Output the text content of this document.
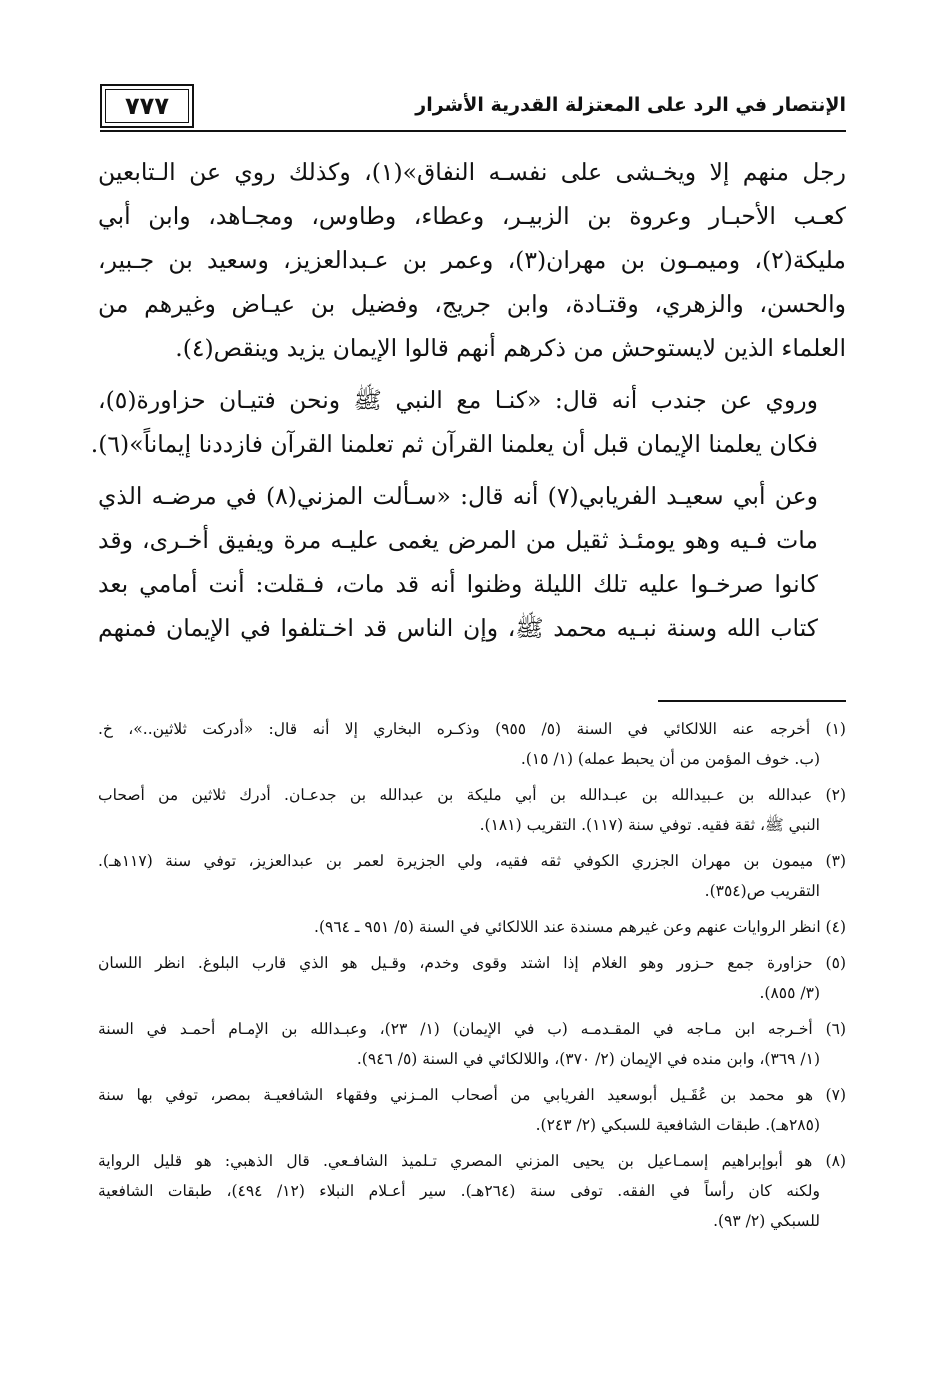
٧٧٧	الإنتصار في الرد على المعتزلة القدرية الأشرار

رجل منهم إلا ويخـشى على نفسـه النفاق»(١)، وكذلك روي عن الـتابعين
كعـب الأحبـار وعروة بن الزبيـر، وعطاء، وطاوس، ومجـاهد، وابن أبي
مليكة(٢)، وميمـون بن مهران(٣)، وعمر بن عـبدالعزيز، وسعيد بن جـبير،
والحسن، والزهري، وقتـادة، وابن جريج، وفضيل بن عيـاض وغيرهم من
العلماء الذين لايستوحش من ذكرهم أنهم قالوا الإيمان يزيد وينقص(٤).

وروي عن جندب أنه قال: «كنـا مع النبي ﷺ ونحن فتيـان حزاورة(٥)،
فكان يعلمنا الإيمان قبل أن يعلمنا القرآن ثم تعلمنا القرآن فازددنا إيماناً»(٦).

وعن أبي سعيـد الفريابي(٧) أنه قال: «سـألت المزني(٨) في مرضـه الذي
مات فـيه وهو يومئـذ ثقيل من المرض يغمى عليـه مرة ويفيق أخـرى، وقد
كانوا صرخـوا عليه تلك الليلة وظنوا أنه قد مات، فـقلت: أنت أمامي بعد
كتاب الله وسنة نبـيه محمد ﷺ، وإن الناس قد اخـتلفوا في الإيمان فمنهم

(١) أخرجه عنه اللالكائي في السنة (٥/ ٩٥٥) وذكـره البخاري إلا أنه قال: «أدركت ثلاثين..»، خ.
(ب. خوف المؤمن من أن يحبط عمله) (١/ ١٥).
(٢) عبدالله بن عـبيدالله بن عبـدالله بن أبي مليكة بن عبدالله بن جدعـان. أدرك ثلاثين من أصحاب
النبي ﷺ، ثقة فقيه. توفي سنة (١١٧). التقريب (١٨١).
(٣) ميمون بن مهران الجزري الكوفي ثقه فقيه، ولي الجزيرة لعمر بن عبدالعزيز، توفي سنة (١١٧هـ).
التقريب ص(٣٥٤).
(٤) انظر الروايات عنهم وعن غيرهم مسندة عند اللالكائي في السنة (٥/ ٩٥١ ـ ٩٦٤).
(٥) حزاورة جمع حـزور وهو الغلام إذا اشتد وقوى وخدم، وقـيل هو الذي قارب البلوغ. انظر اللسان
(٣/ ٨٥٥).
(٦) أخـرجه ابن مـاجه في المقـدمـه (ب في الإيمان) (١/ ٢٣)، وعبـدالله بن الإمـام أحمـد في السنة
(١/ ٣٦٩)، وابن منده في الإيمان (٢/ ٣٧٠)، واللالكائي في السنة (٥/ ٩٤٦).
(٧) هو محمد بن عُقَـيل أبوسعيد الفريابي من أصحاب المـزني وفقهاء الشافعيـة بمصر، توفي بها سنة
(٢٨٥هـ). طبقات الشافعية للسبكي (٢/ ٢٤٣).
(٨) هو أبوإبراهيم إسمـاعيل بن يحيى المزني المصري تـلميذ الشافـعي. قال الذهبي: هو قليل الرواية
ولكنه كان رأساً في الفقه. توفى سنة (٢٦٤هـ). سير أعـلام النبلاء (١٢/ ٤٩٤)، طبقات الشافعية
للسبكي (٢/ ٩٣).
